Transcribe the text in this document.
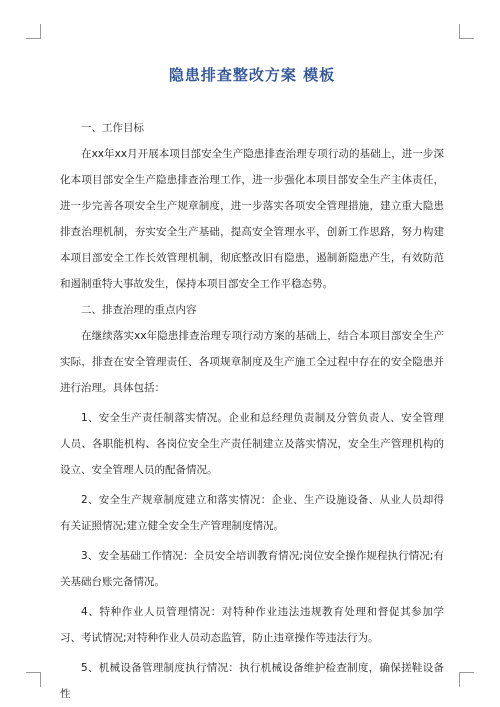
隐患排查整改方案 模板

一、工作目标

在xx年xx月开展本项目部安全生产隐患排查治理专项行动的基础上，进一步深化本项目部安全生产隐患排查治理工作，进一步强化本项目部安全生产主体责任，进一步完善各项安全生产规章制度，进一步落实各项安全管理措施，建立重大隐患排查治理机制，夯实安全生产基础，提高安全管理水平，创新工作思路，努力构建本项目部安全工作长效管理机制，彻底整改旧有隐患，遏制新隐患产生，有效防范和遏制重特大事故发生，保持本项目部安全工作平稳态势。

二、排查治理的重点内容

在继续落实xx年隐患排查治理专项行动方案的基础上，结合本项目部安全生产实际，排查在安全管理责任、各项规章制度及生产施工全过程中存在的安全隐患并进行治理。具体包括：

1、安全生产责任制落实情况。企业和总经理负责制及分管负责人、安全管理人员、各职能机构、各岗位安全生产责任制建立及落实情况，安全生产管理机构的设立、安全管理人员的配备情况。

2、安全生产规章制度建立和落实情况：企业、生产设施设备、从业人员却得有关证照情况;建立健全安全生产管理制度情况。

3、安全基础工作情况：全员安全培训教育情况;岗位安全操作规程执行情况;有关基础台账完备情况。

4、特种作业人员管理情况：对特种作业违法违规教育处理和督促其参加学习、考试情况;对特种作业人员动态监管，防止违章操作等违法行为。

5、机械设备管理制度执行情况：执行机械设备维护检查制度，确保搓鞋设备性
